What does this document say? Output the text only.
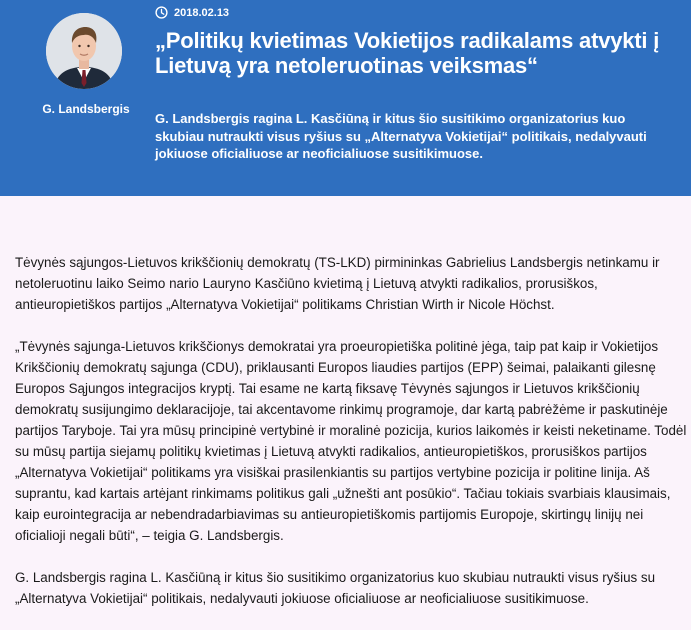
G. Landsbergis
2018.02.13
„Politikų kvietimas Vokietijos radikalams atvykti į Lietuvą yra netoleruotinas veiksmas“
G. Landsbergis ragina L. Kasčiūną ir kitus šio susitikimo organizatorius kuo skubiau nutraukti visus ryšius su „Alternatyva Vokietijai“ politikais, nedalyvauti jokiuose oficialiuose ar neoficialiuose susitikimuose.

Tėvynės sąjungos-Lietuvos krikščionių demokratų (TS-LKD) pirmininkas Gabrielius Landsbergis netinkamu ir netoleruotinu laiko Seimo nario Lauryno Kasčiūno kvietimą į Lietuvą atvykti radikalios, prorusiškos, antieuropietiškos partijos „Alternatyva Vokietijai“ politikams Christian Wirth ir Nicole Höchst.

„Tėvynės sąjunga-Lietuvos krikščionys demokratai yra proeuropietiška politinė jėga, taip pat kaip ir Vokietijos Krikščionių demokratų sąjunga (CDU), priklausanti Europos liaudies partijos (EPP) šeimai, palaikanti gilesnę Europos Sąjungos integracijos kryptį. Tai esame ne kartą fiksavę Tėvynės sąjungos ir Lietuvos krikščionių demokratų susijungimo deklaracijoje, tai akcentavome rinkimų programoje, dar kartą pabrėžėme ir paskutinėje partijos Taryboje. Tai yra mūsų principinė vertybinė ir moralinė pozicija, kurios laikomės ir keisti neketiname. Todėl su mūsų partija siejamų politikų kvietimas į Lietuvą atvykti radikalios, antieuropietiškos, prorusiškos partijos „Alternatyva Vokietijai“ politikams yra visiškai prasilenkiantis su partijos vertybine pozicija ir politine linija. Aš suprantu, kad kartais artėjant rinkimams politikus gali „užnešti ant posūkio“. Tačiau tokiais svarbiais klausimais, kaip eurointegracija ar nebendradarbiavimas su antieuropietiškomis partijomis Europoje, skirtingų linijų nei oficialioji negali būti“, – teigia G. Landsbergis.

G. Landsbergis ragina L. Kasčiūną ir kitus šio susitikimo organizatorius kuo skubiau nutraukti visus ryšius su „Alternatyva Vokietijai“ politikais, nedalyvauti jokiuose oficialiuose ar neoficialiuose susitikimuose.
